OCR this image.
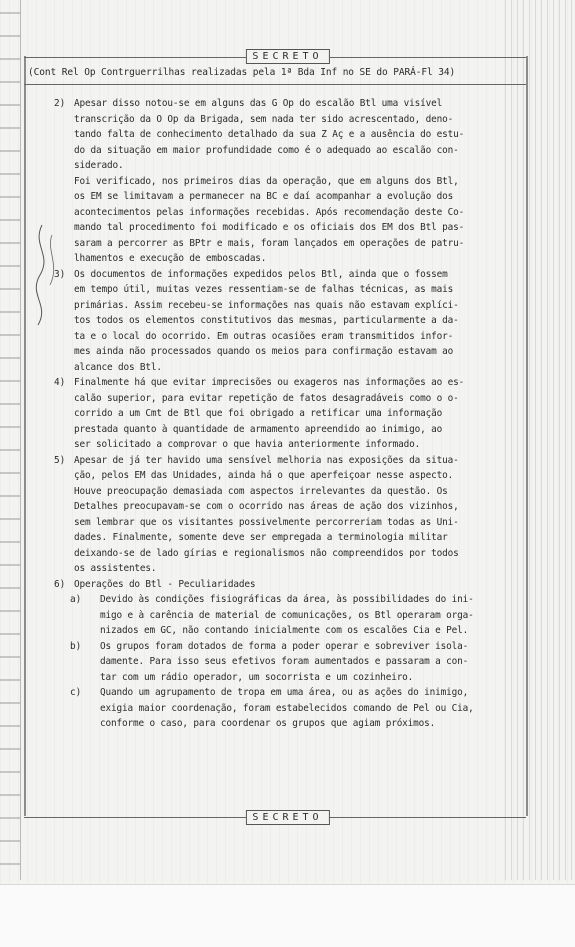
SECRETO
(Cont Rel Op Contrguerrilhas realizadas pela 1ª Bda Inf no SE do PARÁ-Fl 34)
2) Apesar disso notou-se em alguns das G Op do escalão Btl uma visível
transcrição da O Op da Brigada, sem nada ter sido acrescentado, deno-
tando falta de conhecimento detalhado da sua Z Aç e a ausência do estu-
do da situação em maior profundidade como é o adequado ao escalão con-
siderado.
Foi verificado, nos primeiros dias da operação, que em alguns dos Btl,
os EM se limitavam a permanecer na BC e daí acompanhar a evolução dos
acontecimentos pelas informações recebidas. Após recomendação deste Co-
mando tal procedimento foi modificado e os oficiais dos EM dos Btl pas-
saram a percorrer as BPtr e mais, foram lançados em operações de patru-
lhamentos e execução de emboscadas.
3) Os documentos de informações expedidos pelos Btl, ainda que o fossem
em tempo útil, muitas vezes ressentiam-se de falhas técnicas, as mais
primárias. Assim recebeu-se informações nas quais não estavam explíci-
tos todos os elementos constitutivos das mesmas, particularmente a da-
ta e o local do ocorrido. Em outras ocasiões eram transmitidos infor-
mes ainda não processados quando os meios para confirmação estavam ao
alcance dos Btl.
4) Finalmente há que evitar imprecisões ou exageros nas informações ao es-
calão superior, para evitar repetição de fatos desagradáveis como o o-
corrido a um Cmt de Btl que foi obrigado a retificar uma informação
prestada quanto à quantidade de armamento apreendido ao inimigo, ao
ser solicitado a comprovar o que havia anteriormente informado.
5) Apesar de já ter havido uma sensível melhoria nas exposições da situa-
ção, pelos EM das Unidades, ainda há o que aperfeiçoar nesse aspecto.
Houve preocupação demasiada com aspectos irrelevantes da questão. Os
Detalhes preocupavam-se com o ocorrido nas áreas de ação dos vizinhos,
sem lembrar que os visitantes possivelmente percorreriam todas as Uni-
dades. Finalmente, somente deve ser empregada a terminologia militar
deixando-se de lado gírias e regionalismos não compreendidos por todos
os assistentes.
6) Operações do Btl - Peculiaridades
a)	Devido às condições fisiográficas da área, às possibilidades do ini-
migo e à carência de material de comunicações, os Btl operaram orga-
nizados em GC, não contando inicialmente com os escalões Cia e Pel.
b)	Os grupos foram dotados de forma a poder operar e sobreviver isola-
damente. Para isso seus efetivos foram aumentados e passaram a con-
tar com um rádio operador, um socorrista e um cozinheiro.
c)	Quando um agrupamento de tropa em uma área, ou as ações do inimigo,
exigia maior coordenação, foram estabelecidos comando de Pel ou Cia,
conforme o caso, para coordenar os grupos que agiam próximos.
SECRETO
